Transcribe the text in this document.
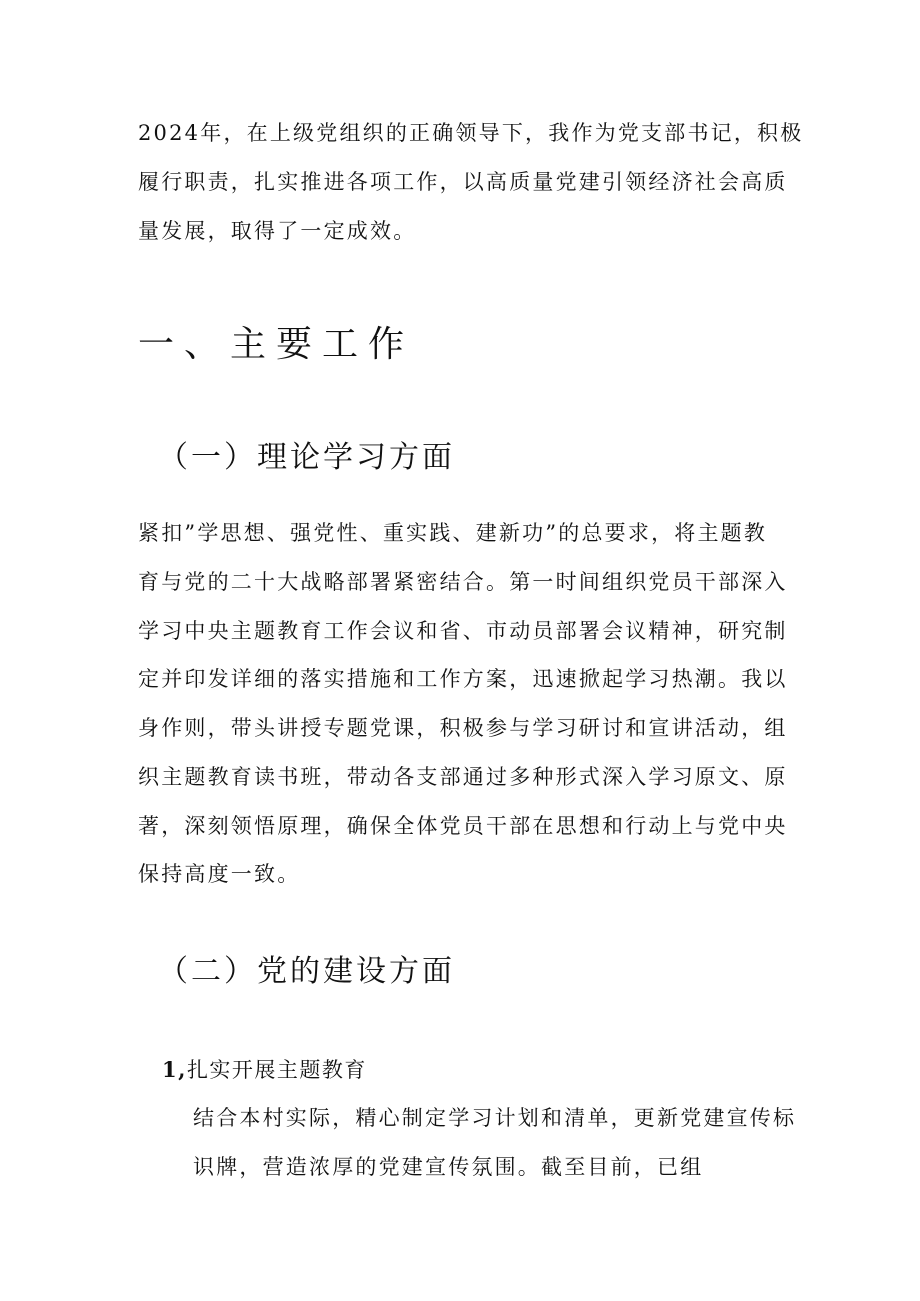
2024年，在上级党组织的正确领导下，我作为党支部书记，积极
履行职责，扎实推进各项工作，以高质量党建引领经济社会高质
量发展，取得了一定成效。
一、主要工作
（一）理论学习方面
紧扣”学思想、强党性、重实践、建新功”的总要求，将主题教
育与党的二十大战略部署紧密结合。第一时间组织党员干部深入
学习中央主题教育工作会议和省、市动员部署会议精神，研究制
定并印发详细的落实措施和工作方案，迅速掀起学习热潮。我以
身作则，带头讲授专题党课，积极参与学习研讨和宣讲活动，组
织主题教育读书班，带动各支部通过多种形式深入学习原文、原
著，深刻领悟原理，确保全体党员干部在思想和行动上与党中央
保持高度一致。
（二）党的建设方面
1,扎实开展主题教育
结合本村实际，精心制定学习计划和清单，更新党建宣传标
识牌，营造浓厚的党建宣传氛围。截至目前，已组
